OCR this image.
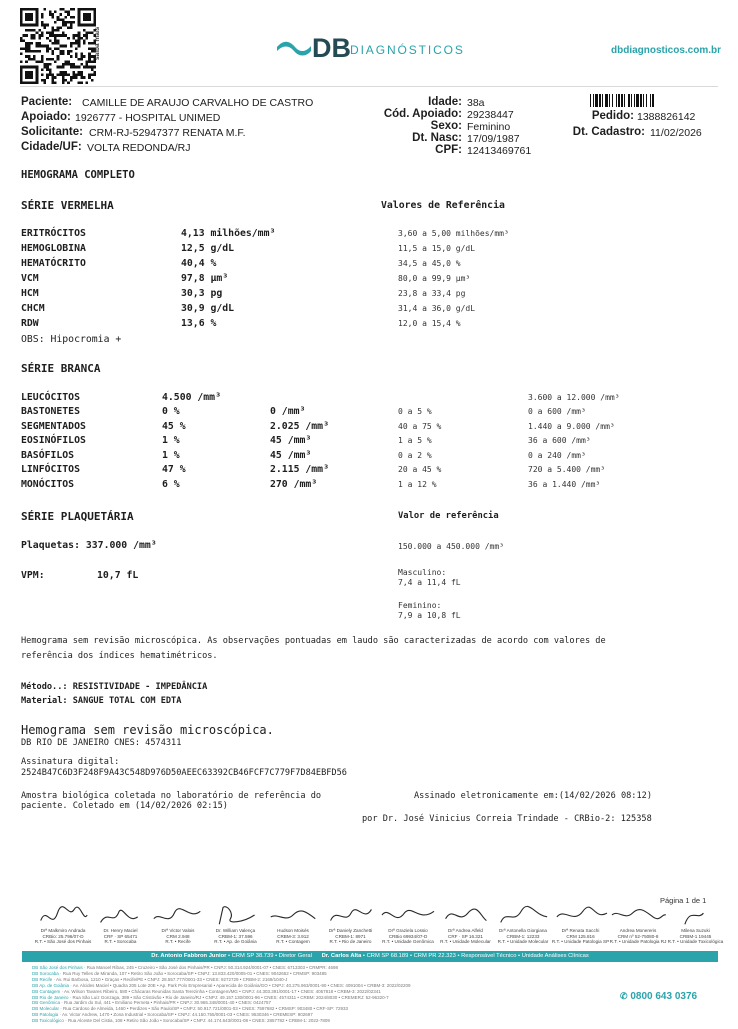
saiba mais	DB DIAGNÓSTICOS	dbdiagnosticos.com.br
Paciente: CAMILLE DE ARAUJO CARVALHO DE CASTRO
Apoiado: 1926777 - HOSPITAL UNIMED
Solicitante: CRM-RJ-52947377 RENATA M.F.
Cidade/UF: VOLTA REDONDA/RJ
Idade: 38a
Cód. Apoiado: 29238447
Sexo: Feminino
Dt. Nasc: 17/09/1987
CPF: 12413469761
Pedido: 1388826142
Dt. Cadastro: 11/02/2026
HEMOGRAMA COMPLETO
SÉRIE VERMELHA	Valores de Referência
ERITRÓCITOS	4,13 milhões/mm³	3,60 a 5,00 milhões/mm³
HEMOGLOBINA	12,5 g/dL	11,5 a 15,0 g/dL
HEMATÓCRITO	40,4 %	34,5 a 45,0 %
VCM	97,8 µm³	80,0 a 99,9 µm³
HCM	30,3 pg	23,8 a 33,4 pg
CHCM	30,9 g/dL	31,4 a 36,0 g/dL
RDW	13,6 %	12,0 a 15,4 %
OBS: Hipocromia +
SÉRIE BRANCA
LEUCÓCITOS	4.500 /mm³	3.600 a 12.000 /mm³
BASTONETES	0 %	0 /mm³	0 a 5 %	0 a 600 /mm³
SEGMENTADOS	45 %	2.025 /mm³	40 a 75 %	1.440 a 9.000 /mm³
EOSINÓFILOS	1 %	45 /mm³	1 a 5 %	36 a 600 /mm³
BASÓFILOS	1 %	45 /mm³	0 a 2 %	0 a 240 /mm³
LINFÓCITOS	47 %	2.115 /mm³	20 a 45 %	720 a 5.400 /mm³
MONÓCITOS	6 %	270 /mm³	1 a 12 %	36 a 1.440 /mm³
SÉRIE PLAQUETÁRIA	Valor de referência
Plaquetas: 337.000 /mm³	150.000 a 450.000 /mm³
VPM:	10,7 fL	Masculino:
7,4 a 11,4 fL
Feminino:
7,9 a 10,8 fL
Hemograma sem revisão microscópica. As observações pontuadas em laudo são caracterizadas de acordo com valores de
referência dos índices hematimétricos.
Método..: RESISTIVIDADE - IMPEDÂNCIA
Material: SANGUE TOTAL COM EDTA
Hemograma sem revisão microscópica.
DB RIO DE JANEIRO CNES: 4574311
Assinatura digital:
2524B47C6D3F248F9A43C548D976D50AEEC63392CB46FCF7C779F7D84EBFD56
Amostra biológica coletada no laboratório de referência do
paciente. Coletado em (14/02/2026 02:15)
Assinado eletronicamente em:(14/02/2026 08:12)
por Dr. José Vinicius Correia Trindade - CRBio-2: 125358
Página 1 de 1
Drª Malkmiro Andrada
CRBio: 25.796/07-D
R.T. • São José dos Pinhais
Dr. Henry Maciel
CRF · SP 65471
R.T. • Sorocaba
Drª Victor Valois
CRM 2.948
R.T. • Recife
Dr. William Valença
CRBM-1: 37.596
R.T. • Ap. de Goiânia
Hudson Moisés
CRBM-3: 3.912
R.T. • Contagem
Drª Daniely Zanchetti
CRBM-1: 8971
R.T. • Rio de Janeiro
Drª Graziela Lossio
CRBio 69934/07-D
R.T. • Unidade Genômica
Drª Andrea Alfeld
CRF · SP 16.321
R.T. • Unidade Molecular
Drª Antonella Giorgiana
CRBM-1: 12233
R.T. • Unidade Molecular
Drª Renata Sacchi
CRM 125.816
R.T. • Unidade Patologia SP
Andrea Monereris
CRM nº 52-75080-8
R.T. • Unidade Patologia RJ
Milena Suzuki
CRBM-1 19445
R.T. • Unidade Toxicológica
Dr. Antonio Fabbron Junior • CRM SP 38.739 • Diretor Geral Dr. Carlos Alta • CRM SP 68.189 • CRM PR 22.323 • Responsável Técnico • Unidade Análises Clínicas
DB São José dos Pinhais · Rua Manoel Ribas, 245 • Cruzeiro • São José dos Pinhais/PR • CNPJ: 50.314.924/0001-07 • CNES: 6713303 • CRMPR: 4698
DB Sorocaba · Rua Ruy Telles de Miranda, 107 • Retiro São João • Sorocaba/SP • CNPJ: 13.833.420/0005-01 • CNES: 9042652 • CRMSP: 903485
DB Recife · Av. Rui Barbosa, 1210 • Graças • Recife/PE • CNPJ: 28.557.777/0001-33 • CNES: 9272729 • CRBM-2: 2169/1040-J
DB Ap. de Goiânia · Av. Alcides Maciel • Quadra 205 Lote 20E • Ap. Park Polo Empresarial • Aparecida de Goiânia/GO • CNPJ: 40.275.963/0001-90 • CNES: 4091004 • CRBM-3: 2022/02209
DB Contagem · Av. Wilson Tavares Ribeiro, 580 • Chácaras Reunidas Santa Terezinha • Contagem/MG • CNPJ: 44.303.391/0001-17 • CNES: 4057818 • CRBM-3: 2022/02341
DB Rio de Janeiro · Rua São Luiz Gonzaga, 389 • São Cristóvão • Rio de Janeiro/RJ • CNPJ: 49.157.130/0001-96 • CNES: 4574311 • CRBM: 2024/8030 • CREMERJ: 52-96320-7
DB Genômica · Rua Jardim do Sul, 441 • Emiliano Perneta • Pinhais/PR • CNPJ: 30.965.348/0001-40 • CNES: 0424757
DB Molecular · Rua Cardoso de Almeida, 1460 • Perdizes • São Paulo/SP • CNPJ: 50.917.721/0001-03 • CNES: 7597682 • CRMSP: 903480 • CRF-SP: 72933
DB Patologia · Av. Victor Andrew, 1470 • Zona Industrial • Sorocaba/SP • CNPJ: 44.150.755/0001-03 • CNES: 9530346 • CREMESP: 902697
DB Toxicológico · Rua Alceste Del Cistia, 108 • Retiro São João • Sorocaba/SP • CNPJ: 44.174.643/0001-08 • CNES: 2857782 • CRBM-1: 2022-7809
✆ 0800 643 0376
